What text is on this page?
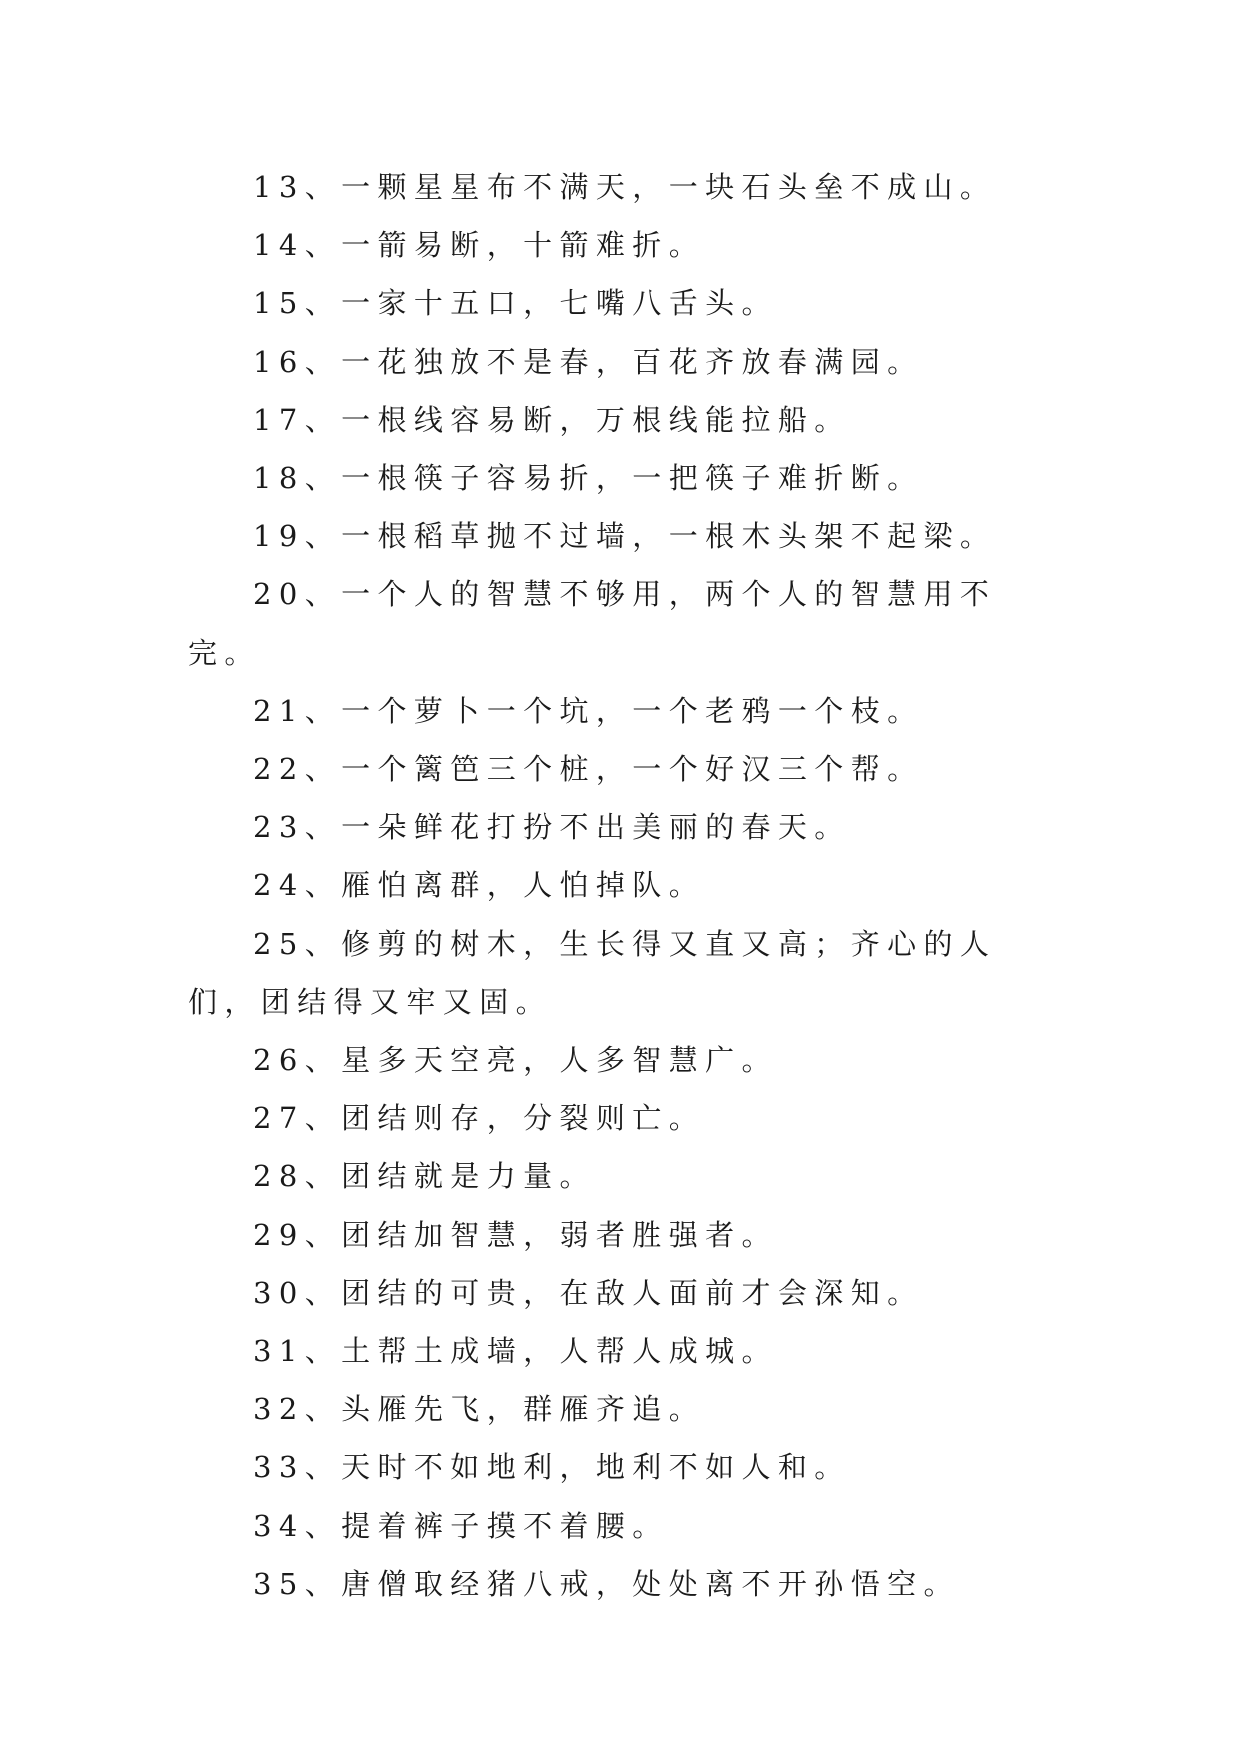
13、一颗星星布不满天，一块石头垒不成山。

14、一箭易断，十箭难折。

15、一家十五口，七嘴八舌头。

16、一花独放不是春，百花齐放春满园。

17、一根线容易断，万根线能拉船。

18、一根筷子容易折，一把筷子难折断。

19、一根稻草抛不过墙，一根木头架不起梁。

20、一个人的智慧不够用，两个人的智慧用不完。

21、一个萝卜一个坑，一个老鸦一个枝。

22、一个篱笆三个桩，一个好汉三个帮。

23、一朵鲜花打扮不出美丽的春天。

24、雁怕离群，人怕掉队。

25、修剪的树木，生长得又直又高；齐心的人们，团结得又牢又固。

26、星多天空亮，人多智慧广。

27、团结则存，分裂则亡。

28、团结就是力量。

29、团结加智慧，弱者胜强者。

30、团结的可贵，在敌人面前才会深知。

31、土帮土成墙，人帮人成城。

32、头雁先飞，群雁齐追。

33、天时不如地利，地利不如人和。

34、提着裤子摸不着腰。

35、唐僧取经猪八戒，处处离不开孙悟空。
